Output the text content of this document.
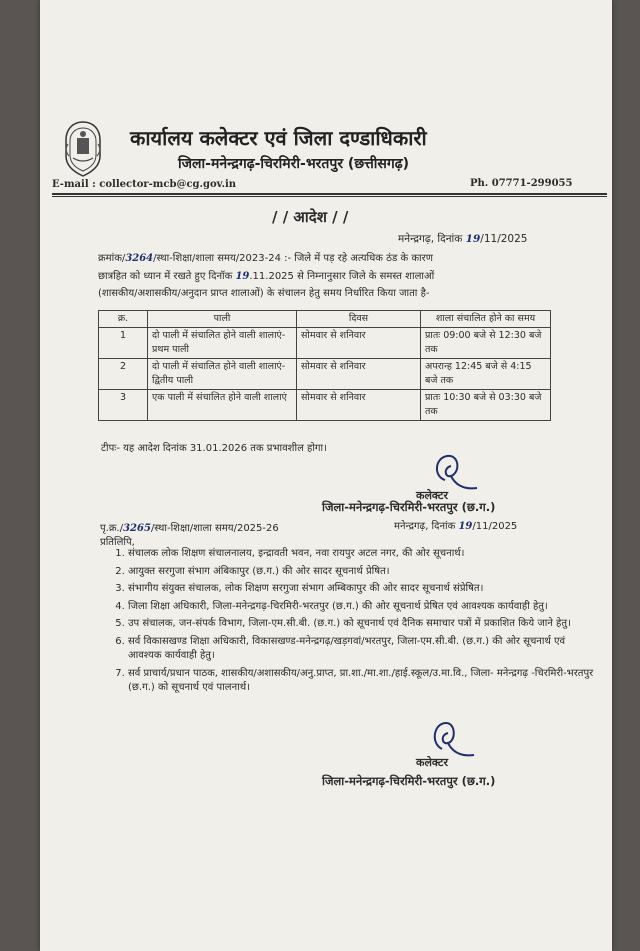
कार्यालय कलेक्टर एवं जिला दण्डाधिकारी
जिला-मनेन्द्रगढ़-चिरमिरी-भरतपुर (छत्तीसगढ़)
E-mail : collector-mcb@cg.gov.in	Ph. 07771-299055
/ / आदेश / /
मनेन्द्रगढ़, दिनांक 19/11/2025
क्रमांक/3264/स्था-शिक्षा/शाला समय/2023-24 :- जिले में पड़ रहे अत्यधिक ठंड के कारण
छात्रहित को ध्यान में रखते हुए दिनॉक 19.11.2025 से निम्नानुसार जिले के समस्त शालाओं
(शासकीय/अशासकीय/अनुदान प्राप्त शालाओं) के संचालन हेतु समय निर्धारित किया जाता है-
क्र.	पाली	दिवस	शाला संचालित होने का समय
1	दो पाली में संचालित होने वाली शालाएं-प्रथम पाली	सोमवार से शनिवार	प्रातः 09:00 बजे से 12:30 बजे तक
2	दो पाली में संचालित होने वाली शालाएं-द्वितीय पाली	सोमवार से शनिवार	अपरान्ह 12:45 बजे से 4:15 बजे तक
3	एक पाली में संचालित होने वाली शालाएं	सोमवार से शनिवार	प्रातः 10:30 बजे से 03:30 बजे तक
टीपः- यह आदेश दिनांक 31.01.2026 तक प्रभावशील होगा।
कलेक्टर
जिला-मनेन्द्रगढ़-चिरमिरी-भरतपुर (छ.ग.)
पृ.क्र./3265/स्था-शिक्षा/शाला समय/2025-26	मनेन्द्रगढ़, दिनांक 19/11/2025
प्रतिलिपि,
1. संचालक लोक शिक्षण संचालनालय, इन्द्रावती भवन, नवा रायपुर अटल नगर, की ओर सूचनार्थ।
2. आयुक्त सरगुजा संभाग अंबिकापुर (छ.ग.) की ओर सादर सूचनार्थ प्रेषित।
3. संभागीय संयुक्त संचालक, लोक शिक्षण सरगुजा संभाग अम्बिकापुर की ओर सादर सूचनार्थ संप्रेषित।
4. जिला शिक्षा अधिकारी, जिला-मनेन्द्रगढ़-चिरमिरी-भरतपुर (छ.ग.) की ओर सूचनार्थ प्रेषित एवं आवश्यक कार्यवाही हेतु।
5. उप संचालक, जन-संपर्क विभाग, जिला-एम.सी.बी. (छ.ग.) को सूचनार्थ एवं दैनिक समाचार पत्रों में प्रकाशित किये जाने हेतु।
6. सर्व विकासखण्ड शिक्षा अधिकारी, विकासखण्ड-मनेन्द्रगढ़/खड़गवां/भरतपुर, जिला-एम.सी.बी. (छ.ग.) की ओर सूचनार्थ एवं आवश्यक कार्यवाही हेतु।
7. सर्व प्राचार्य/प्रधान पाठक, शासकीय/अशासकीय/अनु.प्राप्त, प्रा.शा./मा.शा./हाई.स्कूल/उ.मा.वि., जिला- मनेन्द्रगढ़ -चिरमिरी-भरतपुर (छ.ग.) को सूचनार्थ एवं पालनार्थ।
कलेक्टर
जिला-मनेन्द्रगढ़-चिरमिरी-भरतपुर (छ.ग.)
